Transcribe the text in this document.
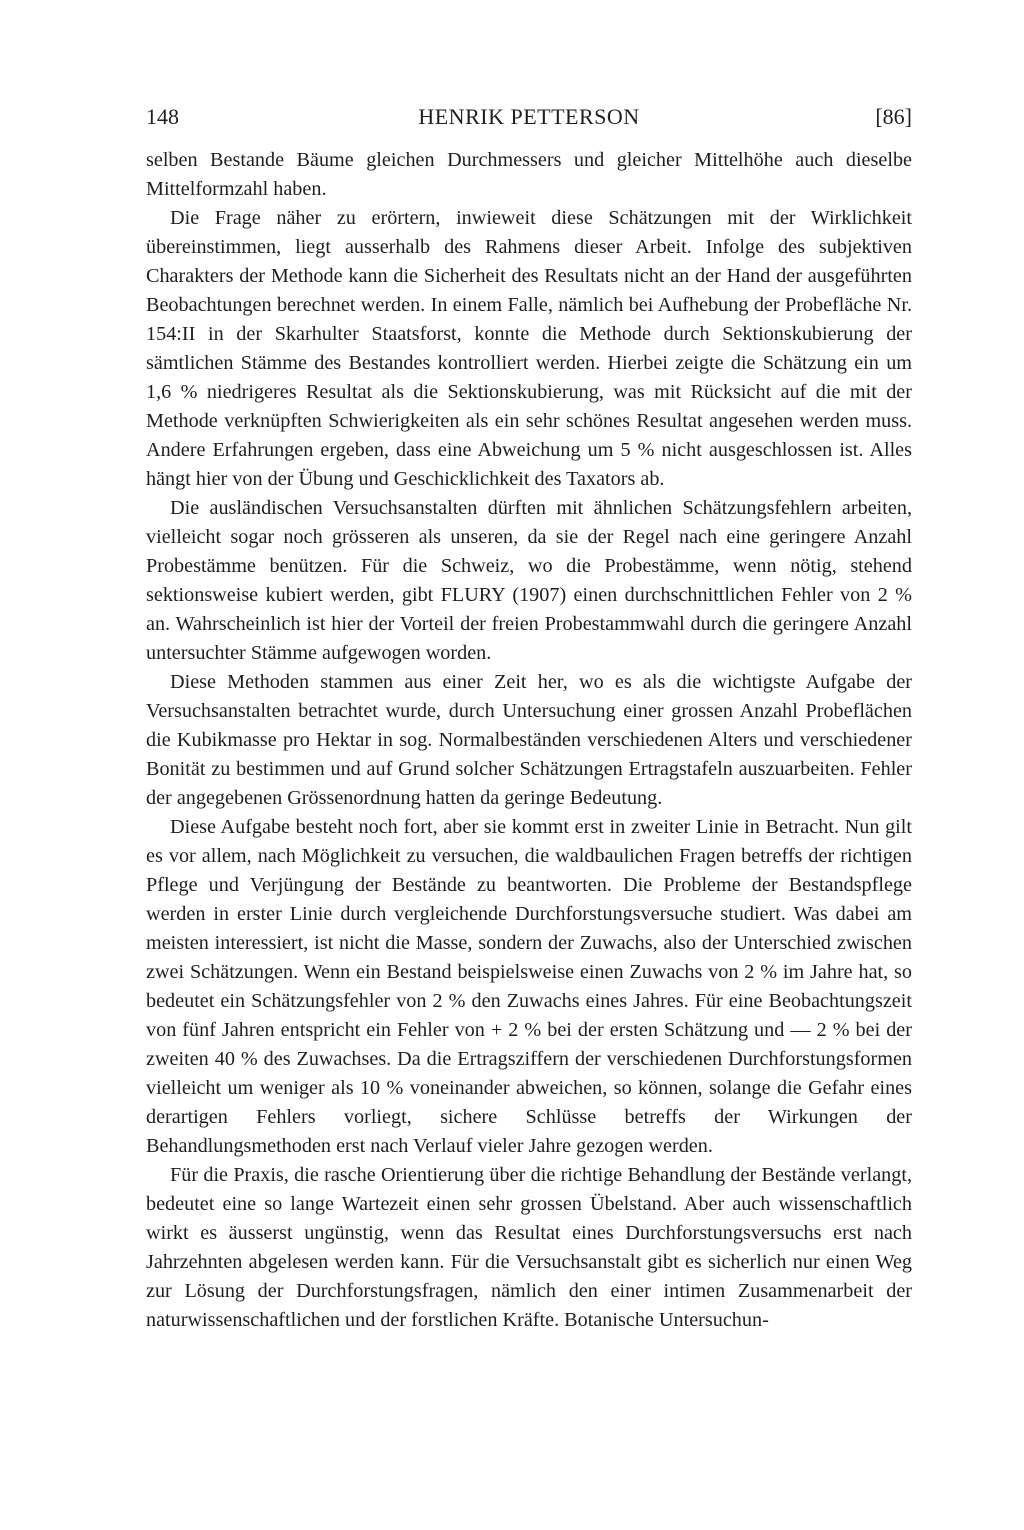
148	HENRIK PETTERSON	[86]

selben Bestande Bäume gleichen Durchmessers und gleicher Mittelhöhe auch dieselbe Mittelformzahl haben.

Die Frage näher zu erörtern, inwieweit diese Schätzungen mit der Wirklichkeit übereinstimmen, liegt ausserhalb des Rahmens dieser Arbeit. Infolge des subjektiven Charakters der Methode kann die Sicherheit des Resultats nicht an der Hand der ausgeführten Beobachtungen berechnet werden. In einem Falle, nämlich bei Aufhebung der Probefläche Nr. 154:II in der Skarhulter Staatsforst, konnte die Methode durch Sektionskubierung der sämtlichen Stämme des Bestandes kontrolliert werden. Hierbei zeigte die Schätzung ein um 1,6 % niedrigeres Resultat als die Sektionskubierung, was mit Rücksicht auf die mit der Methode verknüpften Schwierigkeiten als ein sehr schönes Resultat angesehen werden muss. Andere Erfahrungen ergeben, dass eine Abweichung um 5 % nicht ausgeschlossen ist. Alles hängt hier von der Übung und Geschicklichkeit des Taxators ab.

Die ausländischen Versuchsanstalten dürften mit ähnlichen Schätzungsfehlern arbeiten, vielleicht sogar noch grösseren als unseren, da sie der Regel nach eine geringere Anzahl Probestämme benützen. Für die Schweiz, wo die Probestämme, wenn nötig, stehend sektionsweise kubiert werden, gibt FLURY (1907) einen durchschnittlichen Fehler von 2 % an. Wahrscheinlich ist hier der Vorteil der freien Probestammwahl durch die geringere Anzahl untersuchter Stämme aufgewogen worden.

Diese Methoden stammen aus einer Zeit her, wo es als die wichtigste Aufgabe der Versuchsanstalten betrachtet wurde, durch Untersuchung einer grossen Anzahl Probeflächen die Kubikmasse pro Hektar in sog. Normalbeständen verschiedenen Alters und verschiedener Bonität zu bestimmen und auf Grund solcher Schätzungen Ertragstafeln auszuarbeiten. Fehler der angegebenen Grössenordnung hatten da geringe Bedeutung.

Diese Aufgabe besteht noch fort, aber sie kommt erst in zweiter Linie in Betracht. Nun gilt es vor allem, nach Möglichkeit zu versuchen, die waldbaulichen Fragen betreffs der richtigen Pflege und Verjüngung der Bestände zu beantworten. Die Probleme der Bestandspflege werden in erster Linie durch vergleichende Durchforstungsversuche studiert. Was dabei am meisten interessiert, ist nicht die Masse, sondern der Zuwachs, also der Unterschied zwischen zwei Schätzungen. Wenn ein Bestand beispielsweise einen Zuwachs von 2 % im Jahre hat, so bedeutet ein Schätzungsfehler von 2 % den Zuwachs eines Jahres. Für eine Beobachtungszeit von fünf Jahren entspricht ein Fehler von + 2 % bei der ersten Schätzung und — 2 % bei der zweiten 40 % des Zuwachses. Da die Ertragsziffern der verschiedenen Durchforstungsformen vielleicht um weniger als 10 % voneinander abweichen, so können, solange die Gefahr eines derartigen Fehlers vorliegt, sichere Schlüsse betreffs der Wirkungen der Behandlungsmethoden erst nach Verlauf vieler Jahre gezogen werden.

Für die Praxis, die rasche Orientierung über die richtige Behandlung der Bestände verlangt, bedeutet eine so lange Wartezeit einen sehr grossen Übelstand. Aber auch wissenschaftlich wirkt es äusserst ungünstig, wenn das Resultat eines Durchforstungsversuchs erst nach Jahrzehnten abgelesen werden kann. Für die Versuchsanstalt gibt es sicherlich nur einen Weg zur Lösung der Durchforstungsfragen, nämlich den einer intimen Zusammenarbeit der naturwissenschaftlichen und der forstlichen Kräfte. Botanische Untersuchun-
